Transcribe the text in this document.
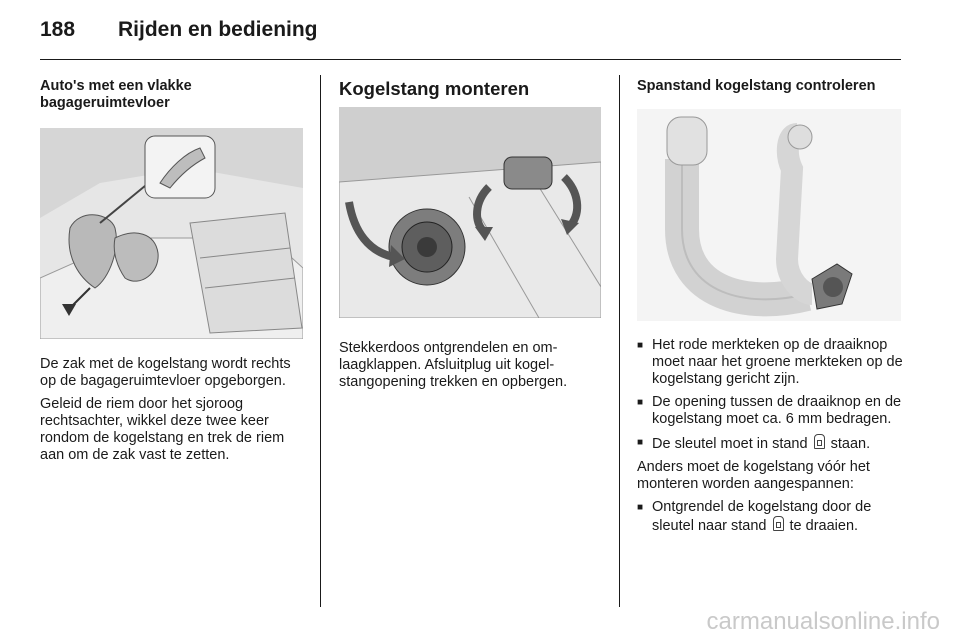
188 Rijden en bediening
Auto's met een vlakke bagageruimtevloer

De zak met de kogelstang wordt rechts op de bagageruimtevloer opgeborgen.

Geleid de riem door het sjoroog rechtsachter, wikkel deze twee keer rondom de kogelstang en trek de riem aan om de zak vast te zetten.

Kogelstang monteren

Stekkerdoos ontgrendelen en omlaagklappen. Afsluitplug uit kogelstangopening trekken en opbergen.

Spanstand kogelstang controleren
■ Het rode merkteken op de draaiknop moet naar het groene merkteken op de kogelstang gericht zijn.
■ De opening tussen de draaiknop en de kogelstang moet ca. 6 mm bedragen.
■ De sleutel moet in stand staan.

Anders moet de kogelstang vóór het monteren worden aangespannen:

■ Ontgrendel de kogelstang door de sleutel naar stand te draaien.
carmanualsonline.info
